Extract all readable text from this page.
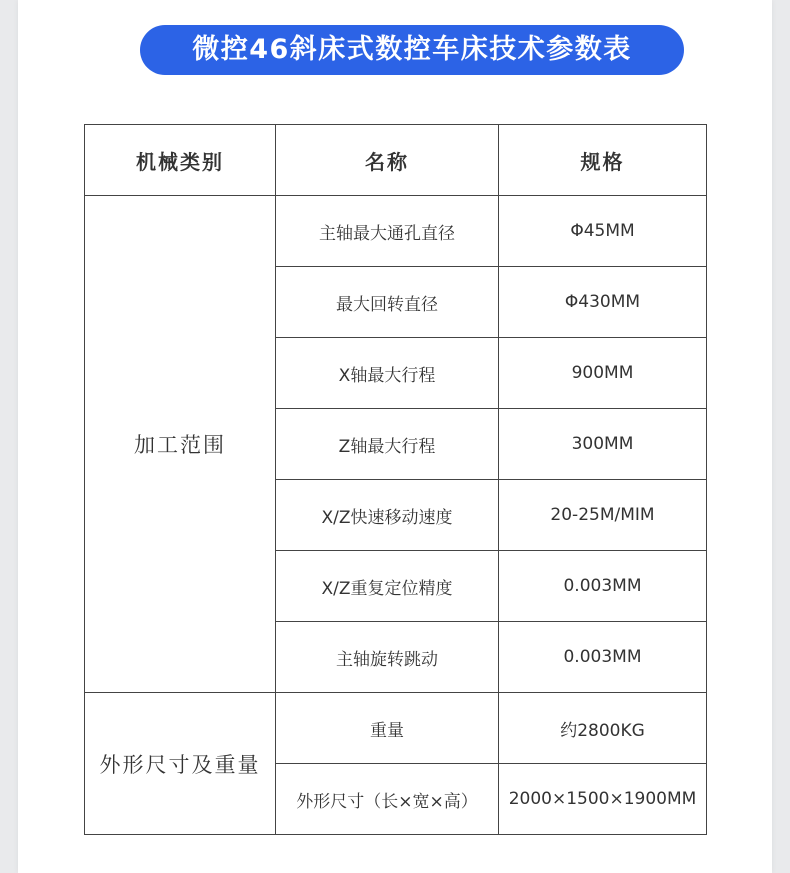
微控46斜床式数控车床技术参数表
机械类别	名称	规格
加工范围	主轴最大通孔直径	Φ45MM
	最大回转直径	Φ430MM
	X轴最大行程	900MM
	Z轴最大行程	300MM
	X/Z快速移动速度	20-25M/MIM
	X/Z重复定位精度	0.003MM
	主轴旋转跳动	0.003MM
外形尺寸及重量	重量	约2800KG
	外形尺寸（长×宽×高）	2000×1500×1900MM
